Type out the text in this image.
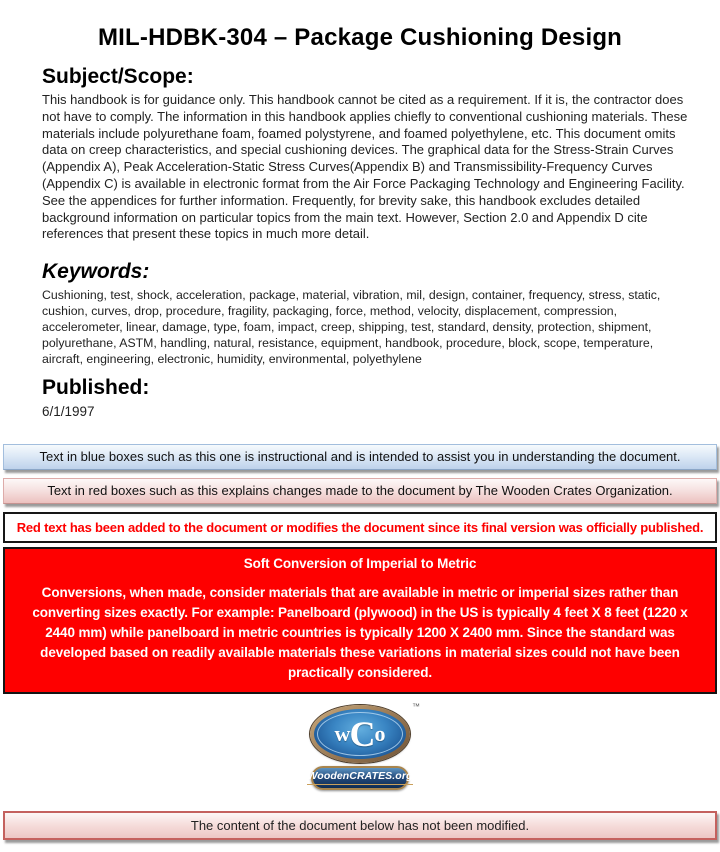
MIL-HDBK-304 – Package Cushioning Design
Subject/Scope:

This handbook is for guidance only. This handbook cannot be cited as a requirement. If it is, the contractor does not have to comply. The information in this handbook applies chiefly to conventional cushioning materials. These materials include polyurethane foam, foamed polystyrene, and foamed polyethylene, etc. This document omits data on creep characteristics, and special cushioning devices. The graphical data for the Stress-Strain Curves (Appendix A), Peak Acceleration-Static Stress Curves(Appendix B) and Transmissibility-Frequency Curves (Appendix C) is available in electronic format from the Air Force Packaging Technology and Engineering Facility. See the appendices for further information. Frequently, for brevity sake, this handbook excludes detailed background information on particular topics from the main text. However, Section 2.0 and Appendix D cite references that present these topics in much more detail.

Keywords:

Cushioning, test, shock, acceleration, package, material, vibration, mil, design, container, frequency, stress, static, cushion, curves, drop, procedure, fragility, packaging, force, method, velocity, displacement, compression, accelerometer, linear, damage, type, foam, impact, creep, shipping, test, standard, density, protection, shipment, polyurethane, ASTM, handling, natural, resistance, equipment, handbook, procedure, block, scope, temperature, aircraft, engineering, electronic, humidity, environmental, polyethylene

Published:

6/1/1997

Text in blue boxes such as this one is instructional and is intended to assist you in understanding the document.
Text in red boxes such as this explains changes made to the document by The Wooden Crates Organization.
Red text has been added to the document or modifies the document since its final version was officially published.
Soft Conversion of Imperial to Metric
Conversions, when made, consider materials that are available in metric or imperial sizes rather than converting sizes exactly. For example: Panelboard (plywood) in the US is typically 4 feet X 8 feet (1220 x 2440 mm) while panelboard in metric countries is typically 1200 X 2400 mm. Since the standard was developed based on readily available materials these variations in material sizes could not have been practically considered.
w C o
™
WoodenCRATES.org
The content of the document below has not been modified.
